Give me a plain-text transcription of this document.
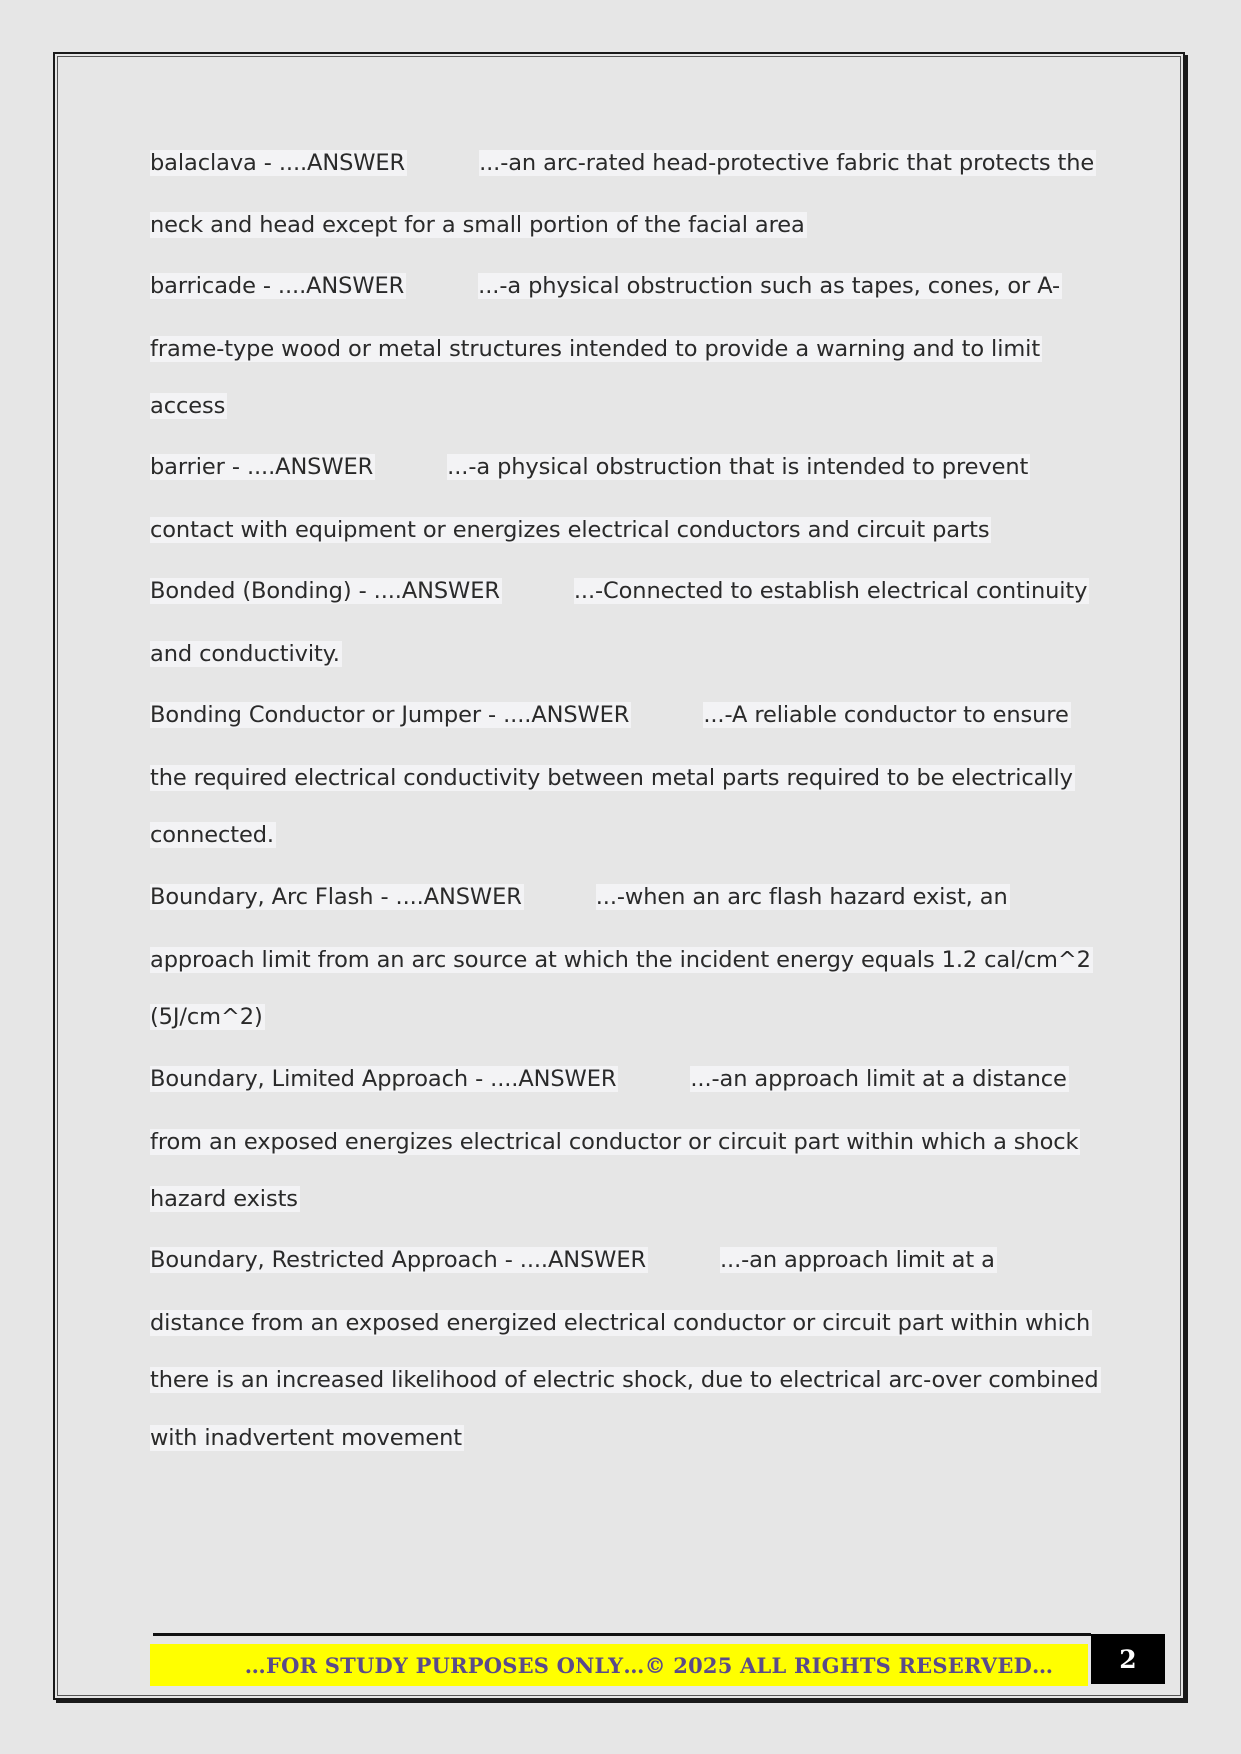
balaclava - ....ANSWER	...-an arc-rated head-protective fabric that protects the
neck and head except for a small portion of the facial area
barricade - ....ANSWER	...-a physical obstruction such as tapes, cones, or A-
frame-type wood or metal structures intended to provide a warning and to limit
access
barrier - ....ANSWER	...-a physical obstruction that is intended to prevent
contact with equipment or energizes electrical conductors and circuit parts
Bonded (Bonding) - ....ANSWER	...-Connected to establish electrical continuity
and conductivity.
Bonding Conductor or Jumper - ....ANSWER	...-A reliable conductor to ensure
the required electrical conductivity between metal parts required to be electrically
connected.
Boundary, Arc Flash - ....ANSWER	...-when an arc flash hazard exist, an
approach limit from an arc source at which the incident energy equals 1.2 cal/cm^2
(5J/cm^2)
Boundary, Limited Approach - ....ANSWER	...-an approach limit at a distance
from an exposed energizes electrical conductor or circuit part within which a shock
hazard exists
Boundary, Restricted Approach - ....ANSWER	...-an approach limit at a
distance from an exposed energized electrical conductor or circuit part within which
there is an increased likelihood of electric shock, due to electrical arc-over combined
with inadvertent movement
…FOR STUDY PURPOSES ONLY…© 2025 ALL RIGHTS RESERVED…	2
